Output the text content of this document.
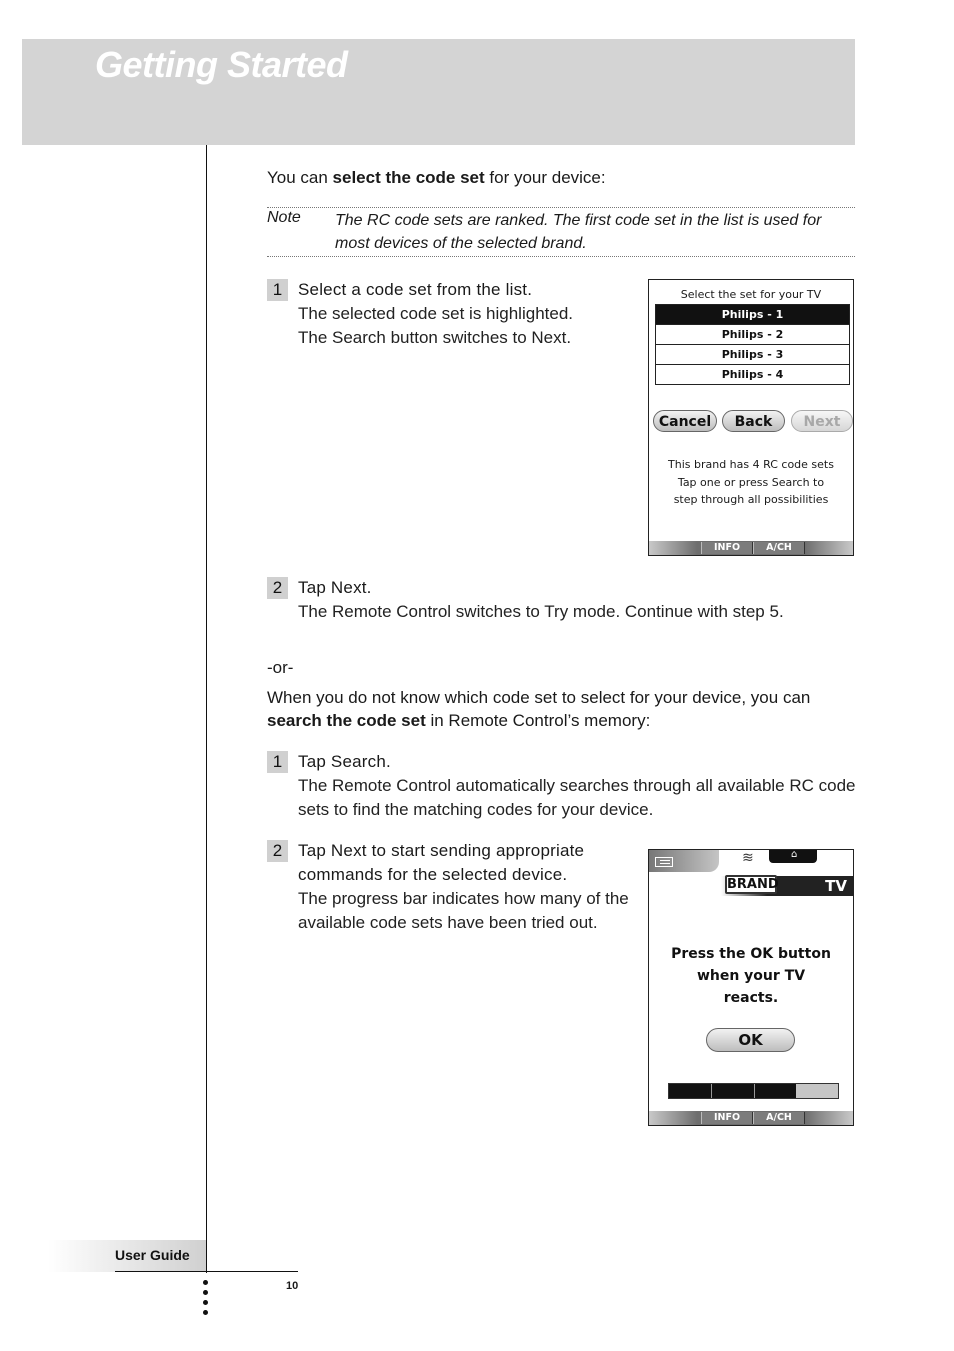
Getting Started

You can select the code set for your device:

Note The RC code sets are ranked. The first code set in the list is used for most devices of the selected brand.

1 Select a code set from the list.

The selected code set is highlighted.

The Search button switches to Next.

Select the set for your TV
Philips - 1
Philips - 2
Philips - 3
Philips - 4
Cancel	Back	Next
This brand has 4 RC code sets
Tap one or press Search to
step through all possibilities
INFO	A/CH
2 Tap Next.

The Remote Control switches to Try mode. Continue with step 5.

-or-

When you do not know which code set to select for your device, you can

search the code set in Remote Control’s memory:

1 Tap Search.

The Remote Control automatically searches through all available RC code

sets to find the matching codes for your device.

2 Tap Next to start sending appropriate

commands for the selected device.

The progress bar indicates how many of the

available code sets have been tried out.

≋	⌂
BRAND	TV
Press the OK button
when your TV
reacts.
OK
INFO	A/CH
User Guide
10
